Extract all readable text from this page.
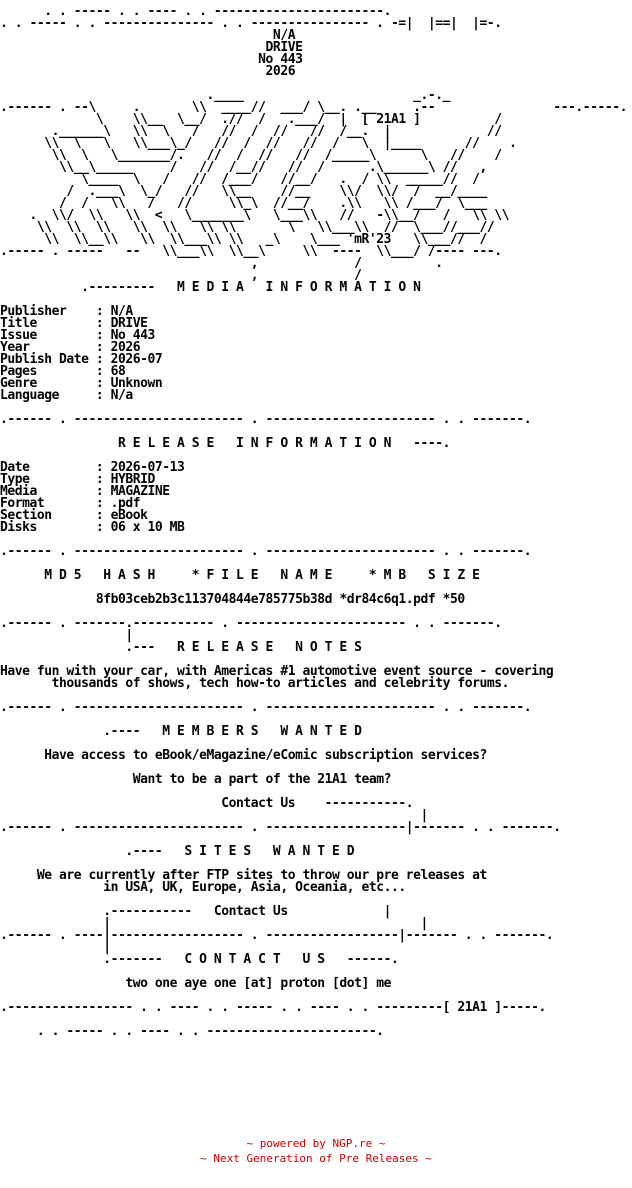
. . ----- . . ---- . . -----------------------.
. . ----- . . --------------- . . ---------------- . -=|  |==|  |=-.
N/A
DRIVE
No 443
2026

.____                       _.-._
.------ . --\     .       \\  ____//  ___/ \__. .__     .--                ---.-----.
\    \\__  \__/  .//  /   .___/  |  [ 21A1 ]          /
.______\   \\  \   /   //  /  //   //  /__.  |             //
\\  \   \   \\___\_/   //  /  //   //  /   \  |____      //    .
\\  \   \_______/.   //  /  //   //  /_____\      \   //    /
\\__\_____     /   //  /__//   //  /      .\______\ //   ,
\____  \   /   //  /___/   //__/   .  / \\  _____//  /
/  .___\  \_/   //   \\__    //__    \\/  \\/  /  __/____
/  /   \\   /   //     \\_\  //__/    .\\   \\ /___/  \___
.  \\/  \\   \\  <   \_______\   \___\\   //   -\\__/   /   \\ \\
\\  \\  \\   \\  \\   \\ \\       \   \\___\\  //  \___//___//
\\  \\__\\   \\  \\___\\ \\   _\    \___ 'mR'23   \\___//  /
.----- . -----   --   \\___\\  \\__\     \\  ----  \\___/ /---- ---.
,             /          .
,             /
.---------   M E D I A   I N F O R M A T I O N

Publisher    : N/A
Title        : DRIVE
Issue        : No 443
Year         : 2026
Publish Date : 2026-07
Pages        : 68
Genre        : Unknown
Language     : N/a

.------ . ----------------------- . ----------------------- . . -------.

R E L E A S E   I N F O R M A T I O N   ----.

Date         : 2026-07-13
Type         : HYBRID
Media        : MAGAZINE
Format       : .pdf
Section      : eBook
Disks        : 06 x 10 MB

.------ . ----------------------- . ----------------------- . . -------.

M D 5   H A S H     * F I L E   N A M E     * M B   S I Z E

8fb03ceb2b3c113704844e785775b38d *dr84c6q1.pdf *50

.------ . -------.----------- . ----------------------- . . -------.
|
.---   R E L E A S E   N O T E S

Have fun with your car, with Americas #1 automotive event source - covering
thousands of shows, tech how-to articles and celebrity forums.

.------ . ----------------------- . ----------------------- . . -------.

.----   M E M B E R S   W A N T E D

Have access to eBook/eMagazine/eComic subscription services?

Want to be a part of the 21A1 team?

Contact Us    -----------.
|
.------ . ----------------------- . -------------------|------- . . -------.

.----   S I T E S   W A N T E D

We are currently after FTP sites to throw our pre releases at
in USA, UK, Europe, Asia, Oceania, etc...

.-----------   Contact Us             |
|                                          |
.------ . ----|------------------ . ------------------|------- . . -------.
|
.-------   C O N T A C T   U S   ------.

two one aye one [at] proton [dot] me

.----------------- . . ---- . . ----- . . ---- . . ---------[ 21A1 ]-----.

. . ----- . . ---- . . -----------------------.
~ powered by NGP.re ~
~ Next Generation of Pre Releases ~
